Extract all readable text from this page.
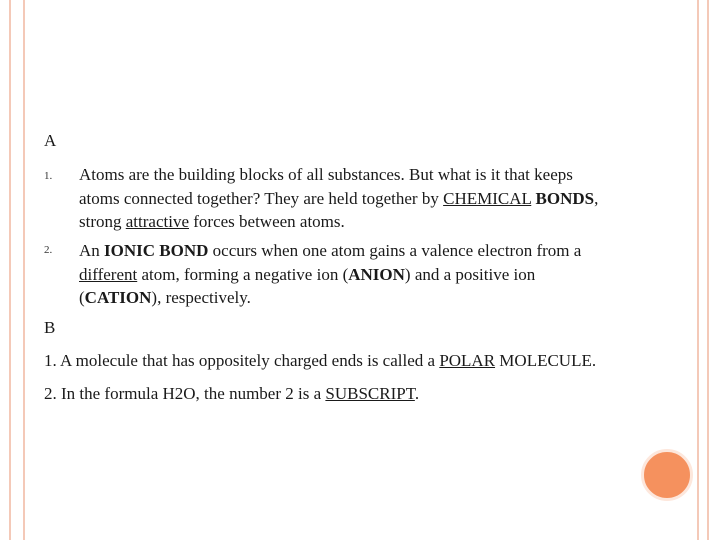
A
1. Atoms are the building blocks of all substances. But what is it that keeps
atoms connected together? They are held together by CHEMICAL BONDS,
strong attractive forces between atoms.
2. An IONIC BOND occurs when one atom gains a valence electron from a
different atom, forming a negative ion (ANION) and a positive ion
(CATION), respectively.
B
1. A molecule that has oppositely charged ends is called a POLAR MOLECULE.
2. In the formula H2O, the number 2 is a SUBSCRIPT.
